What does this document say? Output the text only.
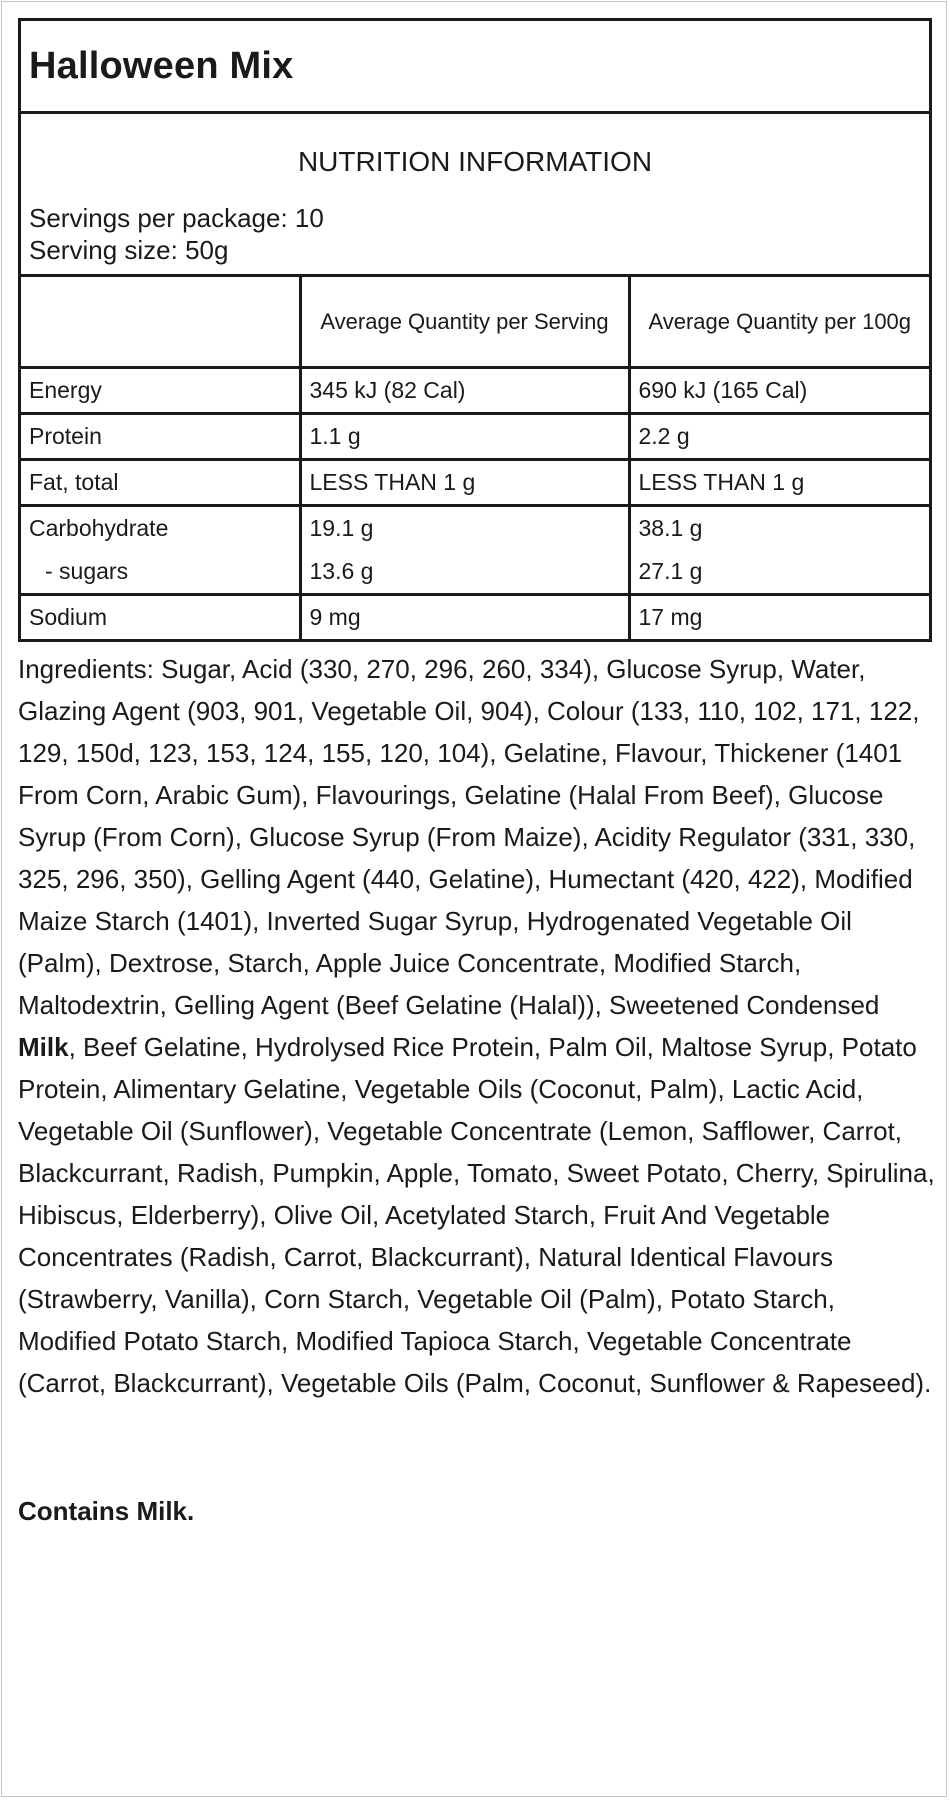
Halloween Mix
NUTRITION INFORMATION
Servings per package: 10
Serving size: 50g
	Average Quantity per Serving	Average Quantity per 100g
Energy	345 kJ (82 Cal)	690 kJ (165 Cal)
Protein	1.1 g	2.2 g
Fat, total	LESS THAN 1 g	LESS THAN 1 g
Carbohydrate	19.1 g	38.1 g
- sugars	13.6 g	27.1 g
Sodium	9 mg	17 mg
Ingredients: Sugar, Acid (330, 270, 296, 260, 334), Glucose Syrup, Water, Glazing Agent (903, 901, Vegetable Oil, 904), Colour (133, 110, 102, 171, 122, 129, 150d, 123, 153, 124, 155, 120, 104), Gelatine, Flavour, Thickener (1401 From Corn, Arabic Gum), Flavourings, Gelatine (Halal From Beef), Glucose Syrup (From Corn), Glucose Syrup (From Maize), Acidity Regulator (331, 330, 325, 296, 350), Gelling Agent (440, Gelatine), Humectant (420, 422), Modified Maize Starch (1401), Inverted Sugar Syrup, Hydrogenated Vegetable Oil (Palm), Dextrose, Starch, Apple Juice Concentrate, Modified Starch, Maltodextrin, Gelling Agent (Beef Gelatine (Halal)), Sweetened Condensed Milk, Beef Gelatine, Hydrolysed Rice Protein, Palm Oil, Maltose Syrup, Potato Protein, Alimentary Gelatine, Vegetable Oils (Coconut, Palm), Lactic Acid, Vegetable Oil (Sunflower), Vegetable Concentrate (Lemon, Safflower, Carrot, Blackcurrant, Radish, Pumpkin, Apple, Tomato, Sweet Potato, Cherry, Spirulina, Hibiscus, Elderberry), Olive Oil, Acetylated Starch, Fruit And Vegetable Concentrates (Radish, Carrot, Blackcurrant), Natural Identical Flavours (Strawberry, Vanilla), Corn Starch, Vegetable Oil (Palm), Potato Starch, Modified Potato Starch, Modified Tapioca Starch, Vegetable Concentrate (Carrot, Blackcurrant), Vegetable Oils (Palm, Coconut, Sunflower & Rapeseed).
Contains Milk.
